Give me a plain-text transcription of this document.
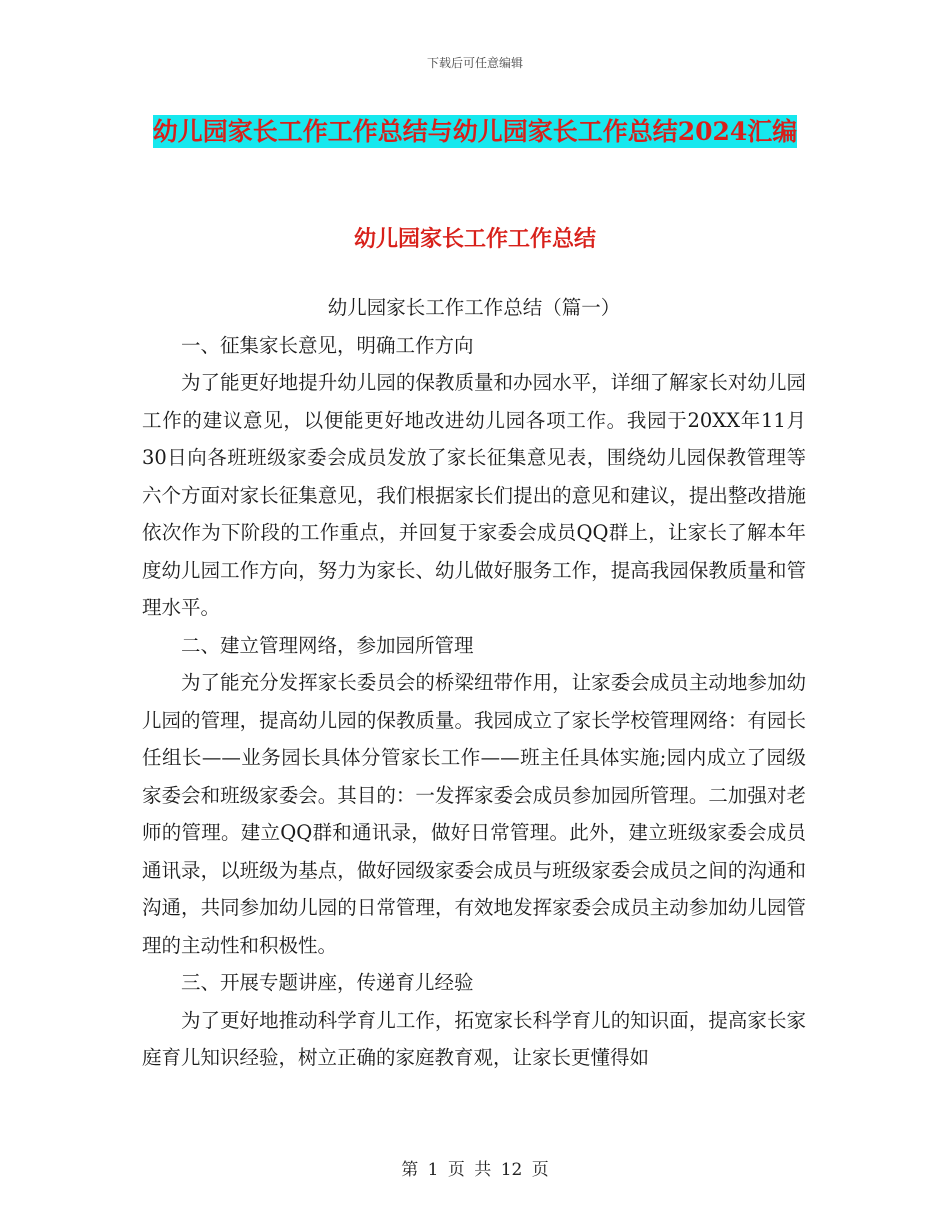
下载后可任意编辑
幼儿园家长工作工作总结与幼儿园家长工作总结2024汇编
幼儿园家长工作工作总结

幼儿园家长工作工作总结（篇一）

一、征集家长意见，明确工作方向

为了能更好地提升幼儿园的保教质量和办园水平，详细了解家长对幼儿园工作的建议意见，以便能更好地改进幼儿园各项工作。我园于20XX年11月30日向各班班级家委会成员发放了家长征集意见表，围绕幼儿园保教管理等六个方面对家长征集意见，我们根据家长们提出的意见和建议，提出整改措施依次作为下阶段的工作重点，并回复于家委会成员QQ群上，让家长了解本年度幼儿园工作方向，努力为家长、幼儿做好服务工作，提高我园保教质量和管理水平。

二、建立管理网络，参加园所管理

为了能充分发挥家长委员会的桥梁纽带作用，让家委会成员主动地参加幼儿园的管理，提高幼儿园的保教质量。我园成立了家长学校管理网络：有园长任组长——业务园长具体分管家长工作——班主任具体实施;园内成立了园级家委会和班级家委会。其目的：一发挥家委会成员参加园所管理。二加强对老师的管理。建立QQ群和通讯录，做好日常管理。此外，建立班级家委会成员通讯录，以班级为基点，做好园级家委会成员与班级家委会成员之间的沟通和沟通，共同参加幼儿园的日常管理，有效地发挥家委会成员主动参加幼儿园管理的主动性和积极性。

三、开展专题讲座，传递育儿经验

为了更好地推动科学育儿工作，拓宽家长科学育儿的知识面，提高家长家庭育儿知识经验，树立正确的家庭教育观，让家长更懂得如

第 1 页 共 12 页
